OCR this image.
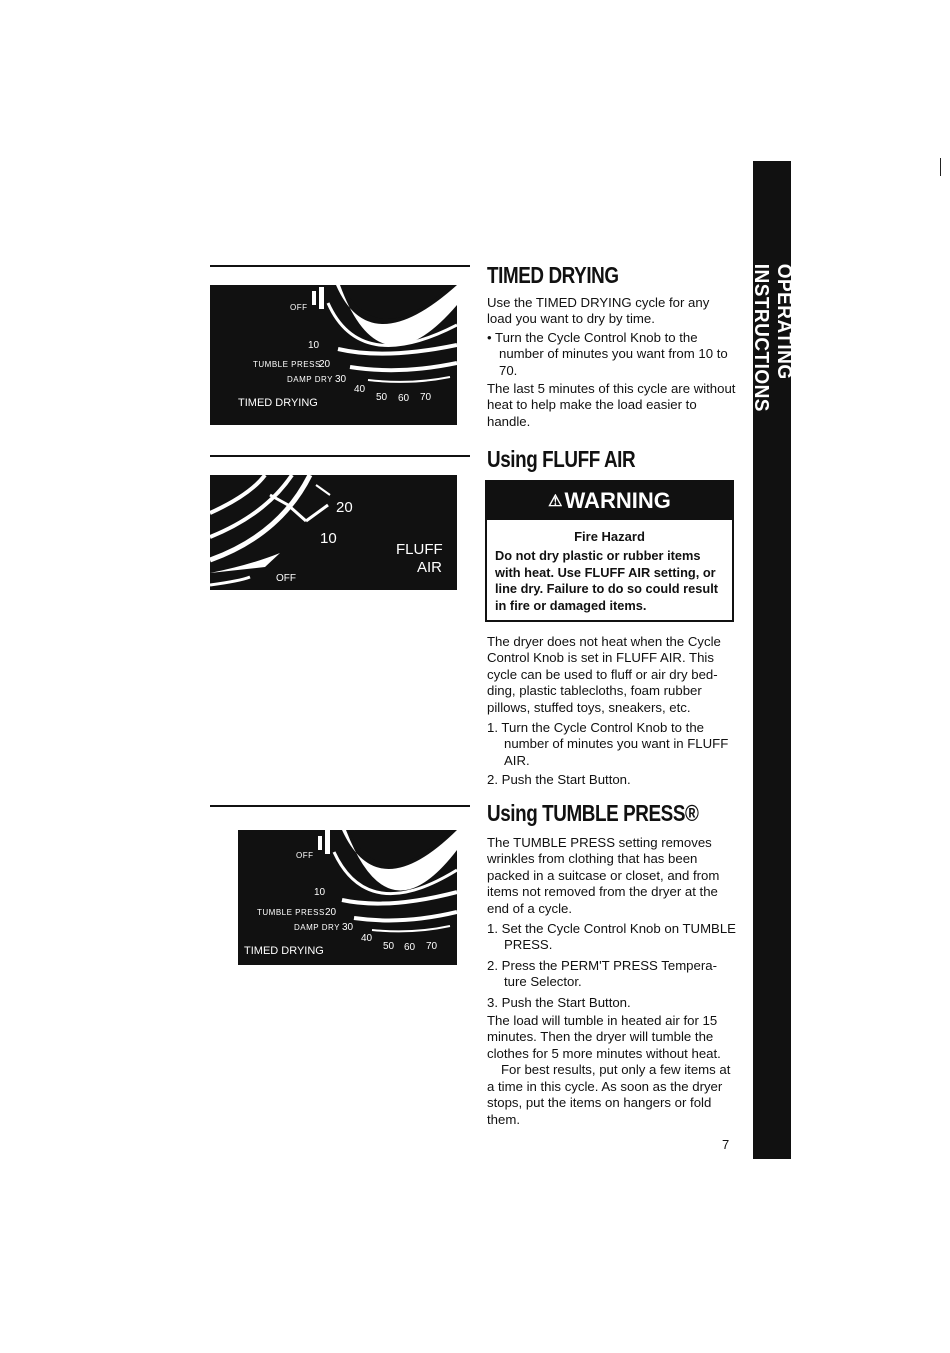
OPERATING INSTRUCTIONS
OFF
10
TUMBLE PRESS
20
DAMP DRY 30
40
50 60 70
TIMED DRYING
20
10
OFF
FLUFF
AIR
OFF
10
TUMBLE PRESS 20
DAMP DRY 30
40
50 60 70
TIMED DRYING
TIMED DRYING

Use the TIMED DRYING cycle for any load you want to dry by time.

• Turn the Cycle Control Knob to the number of minutes you want from 10 to 70.

The last 5 minutes of this cycle are without heat to help make the load easier to handle.

Using FLUFF AIR
⚠ WARNING
Fire Hazard
Do not dry plastic or rubber items with heat. Use FLUFF AIR setting, or line dry. Failure to do so could result in fire or damaged items.

The dryer does not heat when the Cycle Control Knob is set in FLUFF AIR. This cycle can be used to fluff or air dry bed-ding, plastic tablecloths, foam rubber pillows, stuffed toys, sneakers, etc.

1. Turn the Cycle Control Knob to the number of minutes you want in FLUFF AIR.

2. Push the Start Button.

Using TUMBLE PRESS®

The TUMBLE PRESS setting removes wrinkles from clothing that has been packed in a suitcase or closet, and from items not removed from the dryer at the end of a cycle.

1. Set the Cycle Control Knob on TUMBLE PRESS.

2. Press the PERM'T PRESS Tempera-ture Selector.

3. Push the Start Button.

The load will tumble in heated air for 15 minutes. Then the dryer will tumble the clothes for 5 more minutes without heat.

For best results, put only a few items at a time in this cycle. As soon as the dryer stops, put the items on hangers or fold them.

7
